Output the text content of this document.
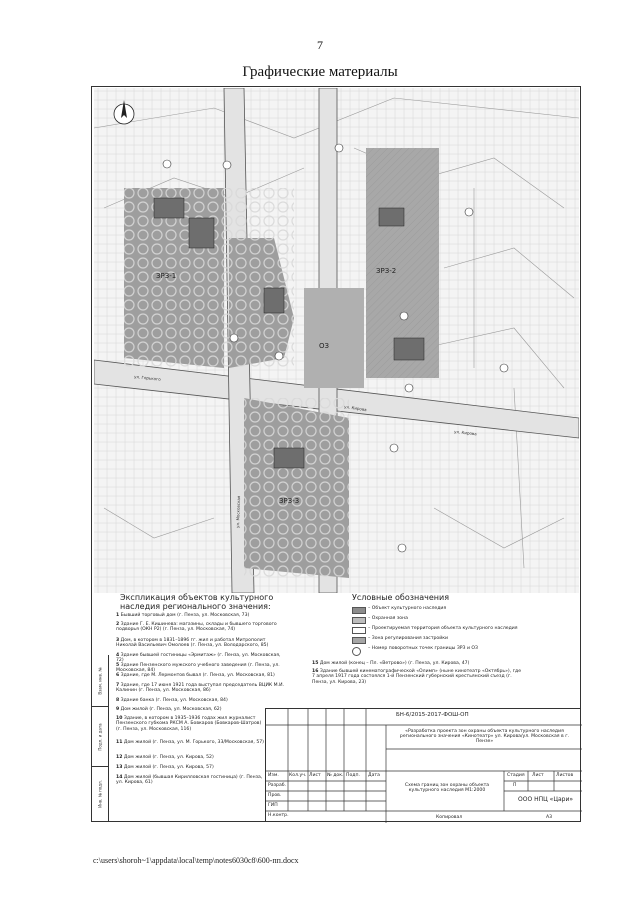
7
Графические материалы
ЗРЗ-1
ЗРЗ-2
ОЗ
ЗРЗ-3
ул. Московская
ул. Кирова
ул. Горького
ул. Кирова
Экспликация объектов культурного наследия регионального значения:
Условные обозначения
– Объект культурного наследия
– Охранная зона
– Проектируемая территория объекта культурного наследия
– Зона регулирования застройки
– Номер поворотных точек границы ЗРЗ и ОЗ
1 Бывший торговый дом (г. Пенза, ул. Московская, 73)
2 Здание Г. Е. Кишинева: магазины, склады и бывшего торгового подворья (ОКН Р2) (г. Пенза, ул. Московская, 74)
3 Дом, в котором в 1831–1896 гг. жил и работал Митрополит Николай Васильевич Омолоев (г. Пенза, ул. Володарского, 85)
4 Здание бывшей гостиницы «Эрмитаж» (г. Пенза, ул. Московская, 72)
5 Здание Пензенского мужского учебного заведения (г. Пенза, ул. Московская, 84)
6 Здание, где М. Лермонтов бывал (г. Пенза, ул. Московская, 81)
7 Здание, где 17 июня 1921 года выступал председатель ВЦИК М.И. Калинин (г. Пенза, ул. Московская, 86)
8 Здание банка (г. Пенза, ул. Московская, 84)
9 Дом жилой (г. Пенза, ул. Московская, 62)
10 Здание, в котором в 1935–1936 годах жил журналист Пензенского губкома РКСМ А. Бовкаров (Бовкаров-Шатров) (г. Пенза, ул. Московская, 116)
11 Дом жилой (г. Пенза, ул. М. Горького, 33/Московская, 57)
12 Дом жилой (г. Пенза, ул. Кирова, 52)
13 Дом жилой (г. Пенза, ул. Кирова, 57)
14 Дом жилой (бывшая Кирилловская гостиница) (г. Пенза, ул. Кирова, 61)
15 Дом жилой (конец – Пл. «Ветрово») (г. Пенза, ул. Кирова, 47)
16 Здание бывшей кинематографической «Олимп» (ныне кинотеатр «Октябрь»), где 7 апреля 1917 года состоялся 1-й Пензенский губернский крестьянский съезд (г. Пенза, ул. Кирова, 23)
Взам. инв. №
Подп. и дата
Инв. № подл.
БН-6/2015-2017-ФОШ-ОП
«Разработка проекта зон охраны объекта культурного наследия регионального значения «Кинотеатр» ул. Кирова/ул. Московская в г. Пензе»
Изм. Кол.уч. Лист № док. Подп. Дата
Разраб.
Пров.
ГИП
Н.контр.
Схема границ зон охраны объекта культурного наследия М1:2000
Стадия Лист	Листов
П
ООО НПЦ «Цари»
Копировал	А3
c:\users\shoroh~1\appdata\local\temp\notes6030c8\600-пп.docx
